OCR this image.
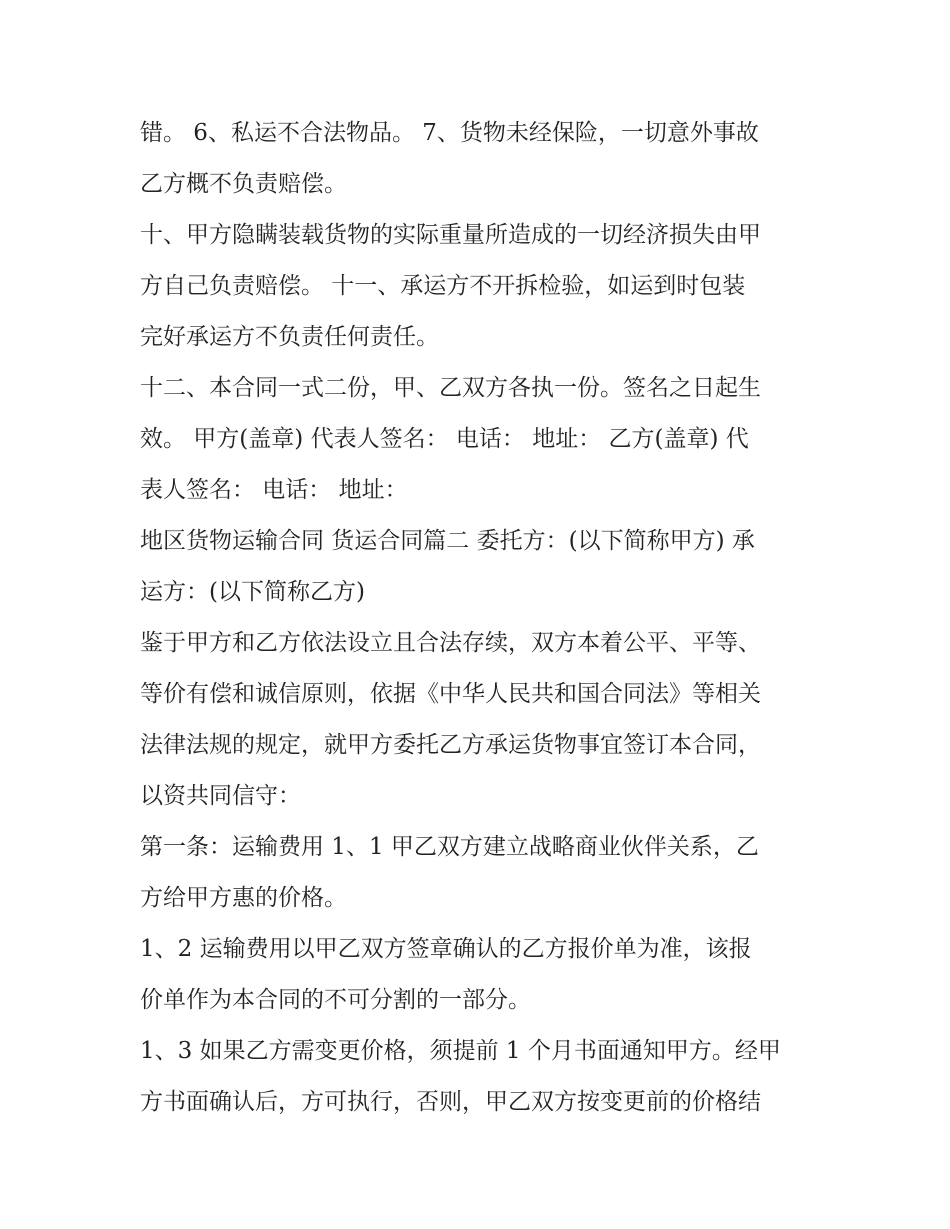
错。 6、私运不合法物品。 7、货物未经保险，一切意外事故
乙方概不负责赔偿。
十、甲方隐瞒装载货物的实际重量所造成的一切经济损失由甲
方自己负责赔偿。 十一、承运方不开拆检验，如运到时包装
完好承运方不负责任何责任。
十二、本合同一式二份，甲、乙双方各执一份。签名之日起生
效。 甲方(盖章) 代表人签名： 电话： 地址： 乙方(盖章) 代
表人签名： 电话： 地址：
地区货物运输合同 货运合同篇二 委托方：(以下简称甲方) 承
运方：(以下简称乙方)
鉴于甲方和乙方依法设立且合法存续，双方本着公平、平等、
等价有偿和诚信原则，依据《中华人民共和国合同法》等相关
法律法规的规定，就甲方委托乙方承运货物事宜签订本合同，
以资共同信守：
第一条：运输费用 1、1 甲乙双方建立战略商业伙伴关系，乙
方给甲方惠的价格。
1、2 运输费用以甲乙双方签章确认的乙方报价单为准，该报
价单作为本合同的不可分割的一部分。
1、3 如果乙方需变更价格，须提前 1 个月书面通知甲方。经甲
方书面确认后，方可执行，否则，甲乙双方按变更前的价格结
